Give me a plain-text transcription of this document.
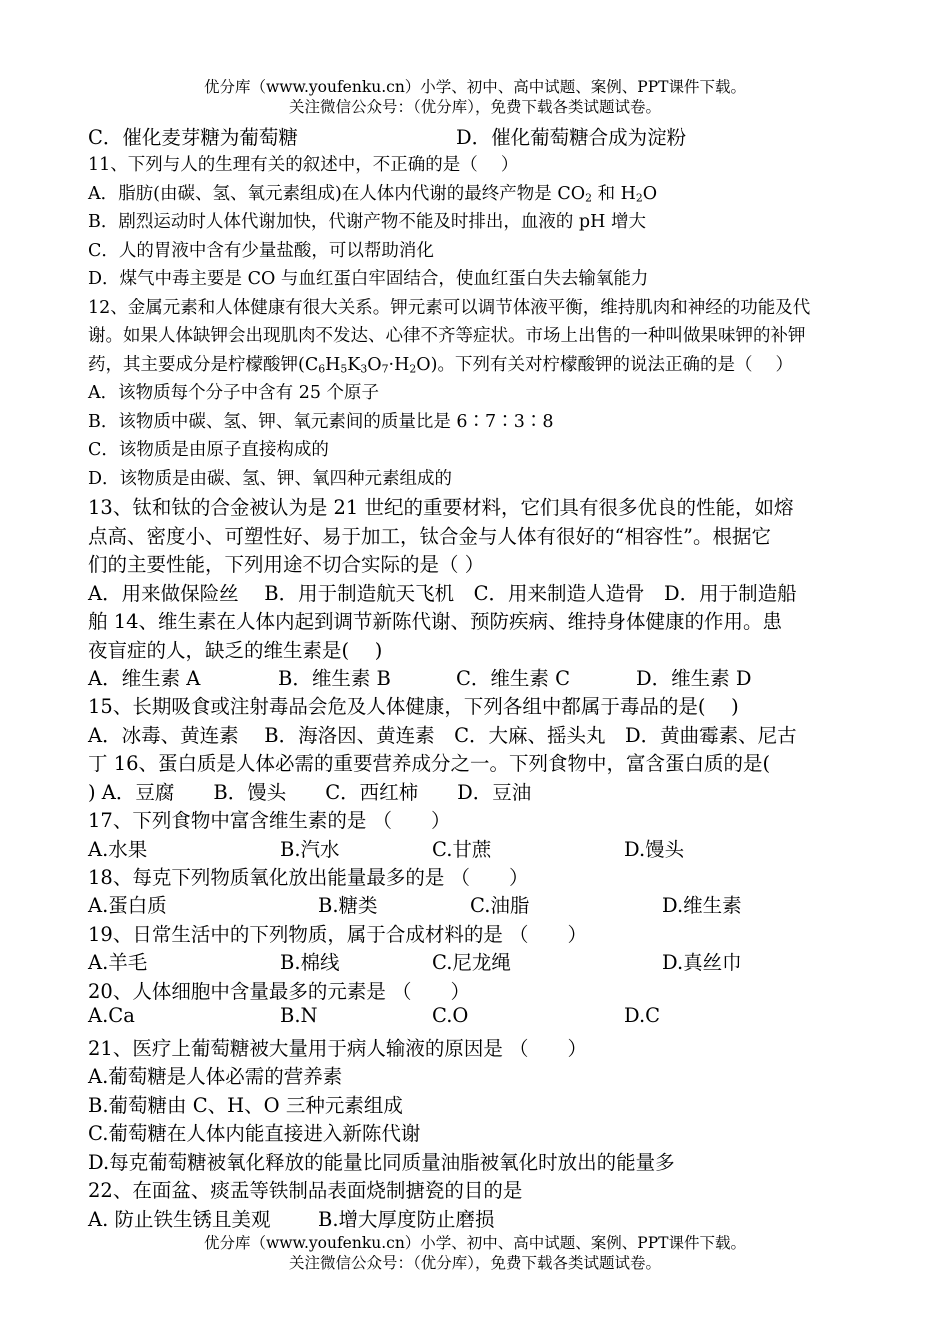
优分库（www.youfenku.cn）小学、初中、高中试题、案例、PPT课件下载。
关注微信公众号：（优分库），免费下载各类试题试卷。
C．催化麦芽糖为葡萄糖	D．催化葡萄糖合成为淀粉
11、下列与人的生理有关的叙述中，不正确的是（　 ）
A．脂肪(由碳、氢、氧元素组成)在人体内代谢的最终产物是 $CO_2$ 和 $H_2O$
B．剧烈运动时人体代谢加快，代谢产物不能及时排出，血液的 pH 增大
C．人的胃液中含有少量盐酸，可以帮助消化
D．煤气中毒主要是 CO 与血红蛋白牢固结合，使血红蛋白失去输氧能力
12、金属元素和人体健康有很大关系。钾元素可以调节体液平衡，维持肌肉和神经的功能及代
谢。如果人体缺钾会出现肌肉不发达、心律不齐等症状。市场上出售的一种叫做果味钾的补钾
药，其主要成分是柠檬酸钾$(C_6H_5K_3O_7\cdot H_2O)$。下列有关对柠檬酸钾的说法正确的是（　 ）
A．该物质每个分子中含有 25 个原子
B．该物质中碳、氢、钾、氧元素间的质量比是 6∶7∶3∶8
C．该物质是由原子直接构成的
D．该物质是由碳、氢、钾、氧四种元素组成的
13、钛和钛的合金被认为是 21 世纪的重要材料，它们具有很多优良的性能，如熔
点高、密度小、可塑性好、易于加工，钛合金与人体有很好的“相容性”。根据它
们的主要性能，下列用途不切合实际的是（ ）
A．用来做保险丝　 B．用于制造航天飞机　C．用来制造人造骨　D．用于制造船
舶 14、维生素在人体内起到调节新陈代谢、预防疾病、维持身体健康的作用。患
夜盲症的人，缺乏的维生素是(　 )
A．维生素 A	B．维生素 B	C．维生素 C	D．维生素 D
15、长期吸食或注射毒品会危及人体健康，下列各组中都属于毒品的是(　 )
A．冰毒、黄连素　 B．海洛因、黄连素　C．大麻、摇头丸　D．黄曲霉素、尼古
丁 16、蛋白质是人体必需的重要营养成分之一。下列食物中，富含蛋白质的是(
) A．豆腐　　B．馒头　　C．西红柿　　D．豆油
17、下列食物中富含维生素的是 （　　）
A.水果	B.汽水	C.甘蔗	D.馒头
18、每克下列物质氧化放出能量最多的是 （　　）
A.蛋白质	B.糖类	C.油脂	D.维生素
19、日常生活中的下列物质，属于合成材料的是 （　　）
A.羊毛	B.棉线	C.尼龙绳	D.真丝巾
20、人体细胞中含量最多的元素是 （　　）
A.Ca	B.N	C.O	D.C
21、医疗上葡萄糖被大量用于病人输液的原因是 （　　）
A.葡萄糖是人体必需的营养素
B.葡萄糖由 C、H、O 三种元素组成
C.葡萄糖在人体内能直接进入新陈代谢
D.每克葡萄糖被氧化释放的能量比同质量油脂被氧化时放出的能量多
22、在面盆、痰盂等铁制品表面烧制搪瓷的目的是
A. 防止铁生锈且美观 B.增大厚度防止磨损
优分库（www.youfenku.cn）小学、初中、高中试题、案例、PPT课件下载。
关注微信公众号：（优分库），免费下载各类试题试卷。
